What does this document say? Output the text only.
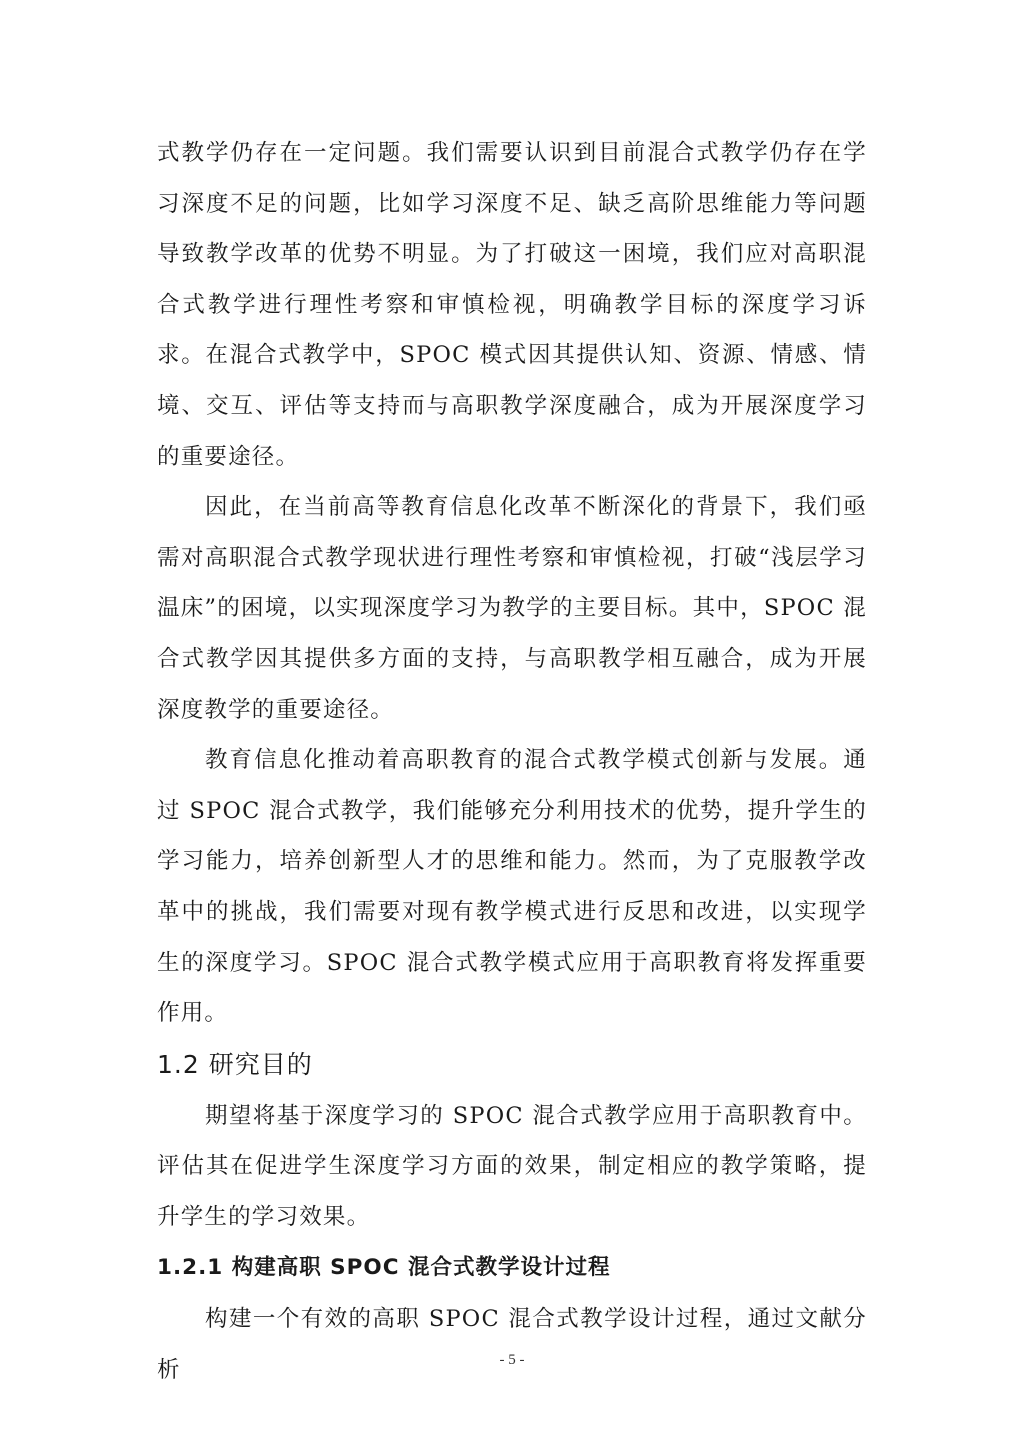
式教学仍存在一定问题。我们需要认识到目前混合式教学仍存在学习深度不足的问题，比如学习深度不足、缺乏高阶思维能力等问题导致教学改革的优势不明显。为了打破这一困境，我们应对高职混合式教学进行理性考察和审慎检视，明确教学目标的深度学习诉求。在混合式教学中，SPOC 模式因其提供认知、资源、情感、情境、交互、评估等支持而与高职教学深度融合，成为开展深度学习的重要途径。

因此，在当前高等教育信息化改革不断深化的背景下，我们亟需对高职混合式教学现状进行理性考察和审慎检视，打破“浅层学习温床”的困境，以实现深度学习为教学的主要目标。其中，SPOC 混合式教学因其提供多方面的支持，与高职教学相互融合，成为开展深度教学的重要途径。

教育信息化推动着高职教育的混合式教学模式创新与发展。通过 SPOC 混合式教学，我们能够充分利用技术的优势，提升学生的学习能力，培养创新型人才的思维和能力。然而，为了克服教学改革中的挑战，我们需要对现有教学模式进行反思和改进，以实现学生的深度学习。SPOC 混合式教学模式应用于高职教育将发挥重要作用。

1.2 研究目的

期望将基于深度学习的 SPOC 混合式教学应用于高职教育中。评估其在促进学生深度学习方面的效果，制定相应的教学策略，提升学生的学习效果。

1.2.1 构建高职 SPOC 混合式教学设计过程

构建一个有效的高职 SPOC 混合式教学设计过程，通过文献分析	- 5 -
